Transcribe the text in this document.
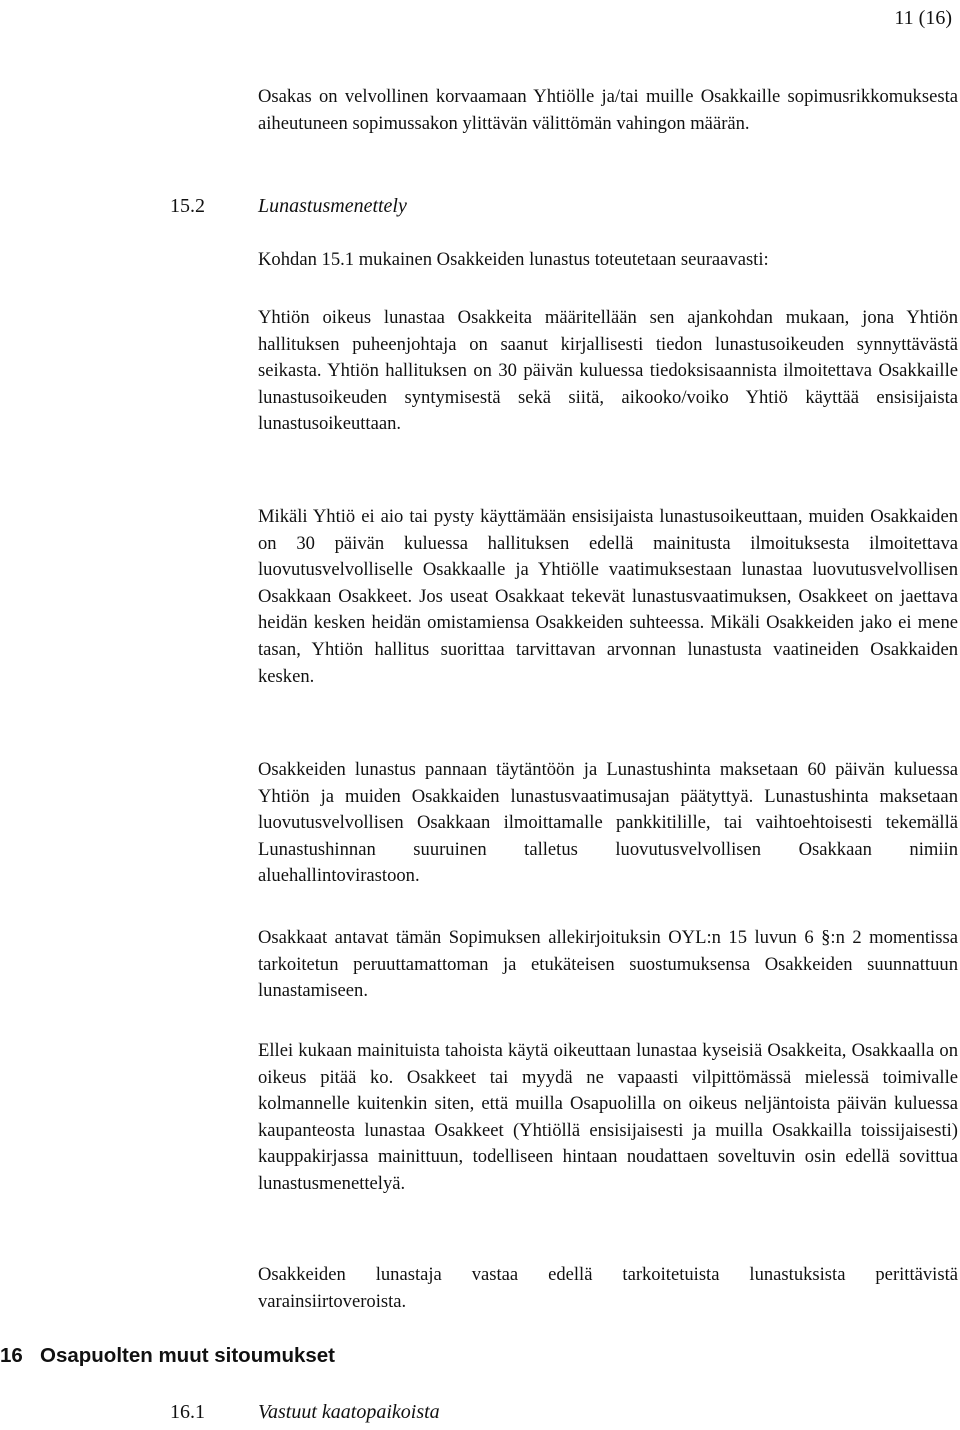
11 (16)

Osakas on velvollinen korvaamaan Yhtiölle ja/tai muille Osakkaille sopimusrikkomuksesta aiheutuneen sopimussakon ylittävän välittömän vahingon määrän.

15.2	Lunastusmenettely

Kohdan 15.1 mukainen Osakkeiden lunastus toteutetaan seuraavasti:

Yhtiön oikeus lunastaa Osakkeita määritellään sen ajankohdan mukaan, jona Yhtiön hallituksen puheenjohtaja on saanut kirjallisesti tiedon lunastusoikeuden synnyttävästä seikasta. Yhtiön hallituksen on 30 päivän kuluessa tiedoksisaannista ilmoitettava Osakkaille lunastusoikeuden syntymisestä sekä siitä, aikooko/voiko Yhtiö käyttää ensisijaista lunastusoikeuttaan.

Mikäli Yhtiö ei aio tai pysty käyttämään ensisijaista lunastusoikeuttaan, muiden Osakkaiden on 30 päivän kuluessa hallituksen edellä mainitusta ilmoituksesta ilmoitettava luovutusvelvolliselle Osakkaalle ja Yhtiölle vaatimuksestaan lunastaa luovutusvelvollisen Osakkaan Osakkeet. Jos useat Osakkaat tekevät lunastusvaatimuksen, Osakkeet on jaettava heidän kesken heidän omistamiensa Osakkeiden suhteessa. Mikäli Osakkeiden jako ei mene tasan, Yhtiön hallitus suorittaa tarvittavan arvonnan lunastusta vaatineiden Osakkaiden kesken.

Osakkeiden lunastus pannaan täytäntöön ja Lunastushinta maksetaan 60 päivän kuluessa Yhtiön ja muiden Osakkaiden lunastusvaatimusajan päätyttyä. Lunastushinta maksetaan luovutusvelvollisen Osakkaan ilmoittamalle pankkitilille, tai vaihtoehtoisesti tekemällä Lunastushinnan suuruinen talletus luovutusvelvollisen Osakkaan nimiin aluehallintovirastoon.

Osakkaat antavat tämän Sopimuksen allekirjoituksin OYL:n 15 luvun 6 §:n 2 momentissa tarkoitetun peruuttamattoman ja etukäteisen suostumuksensa Osakkeiden suunnattuun lunastamiseen.

Ellei kukaan mainituista tahoista käytä oikeuttaan lunastaa kyseisiä Osakkeita, Osakkaalla on oikeus pitää ko. Osakkeet tai myydä ne vapaasti vilpittömässä mielessä toimivalle kolmannelle kuitenkin siten, että muilla Osapuolilla on oikeus neljäntoista päivän kuluessa kaupanteosta lunastaa Osakkeet (Yhtiöllä ensisijaisesti ja muilla Osakkailla toissijaisesti) kauppakirjassa mainittuun, todelliseen hintaan noudattaen soveltuvin osin edellä sovittua lunastusmenettelyä.

Osakkeiden lunastaja vastaa edellä tarkoitetuista lunastuksista perittävistä varainsiirtoveroista.

16 Osapuolten muut sitoumukset
16.1	Vastuut kaatopaikoista
